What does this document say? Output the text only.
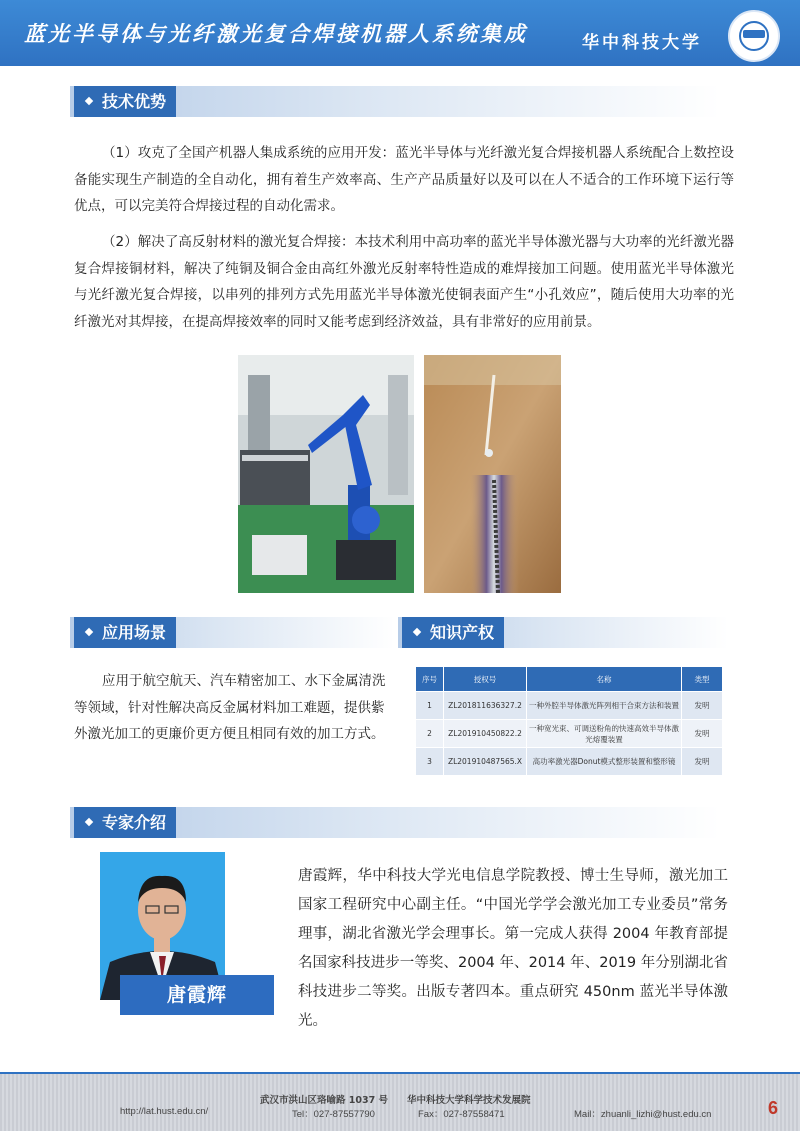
蓝光半导体与光纤激光复合焊接机器人系统集成	华中科技大学
技术优势

（1）攻克了全国产机器人集成系统的应用开发：蓝光半导体与光纤激光复合焊接机器人系统配合上数控设备能实现生产制造的全自动化，拥有着生产效率高、生产产品质量好以及可以在人不适合的工作环境下运行等优点，可以完美符合焊接过程的自动化需求。

（2）解决了高反射材料的激光复合焊接：本技术利用中高功率的蓝光半导体激光器与大功率的光纤激光器复合焊接铜材料，解决了纯铜及铜合金由高红外激光反射率特性造成的难焊接加工问题。使用蓝光半导体激光与光纤激光复合焊接，以串列的排列方式先用蓝光半导体激光使铜表面产生“小孔效应”，随后使用大功率的光纤激光对其焊接，在提高焊接效率的同时又能考虑到经济效益，具有非常好的应用前景。

应用场景

应用于航空航天、汽车精密加工、水下金属清洗等领域，针对性解决高反金属材料加工难题，提供紫外激光加工的更廉价更方便且相同有效的加工方式。

知识产权
序号	授权号	名称	类型
1	ZL201811636327.2	一种外腔半导体激光阵列相干合束方法和装置	发明
2	ZL201910450822.2	一种宽光束、可调送粉角的快速高效半导体激光熔覆装置	发明
3	ZL201910487565.X	高功率激光器Donut模式整形装置和整形镜	发明
专家介绍
唐霞辉

唐霞辉，华中科技大学光电信息学院教授、博士生导师，激光加工国家工程研究中心副主任。“中国光学学会激光加工专业委员”常务理事，湖北省激光学会理事长。第一完成人获得 2004 年教育部提名国家科技进步一等奖、2004 年、2014 年、2019 年分别湖北省科技进步二等奖。出版专著四本。重点研究 450nm 蓝光半导体激光。

武汉市洪山区珞喻路 1037 号　　华中科技大学科学技术发展院
http://lat.hust.edu.cn/	Tel：027-87557790	Fax：027-87558471	Mail：zhuanli_lizhi@hust.edu.cn	6
